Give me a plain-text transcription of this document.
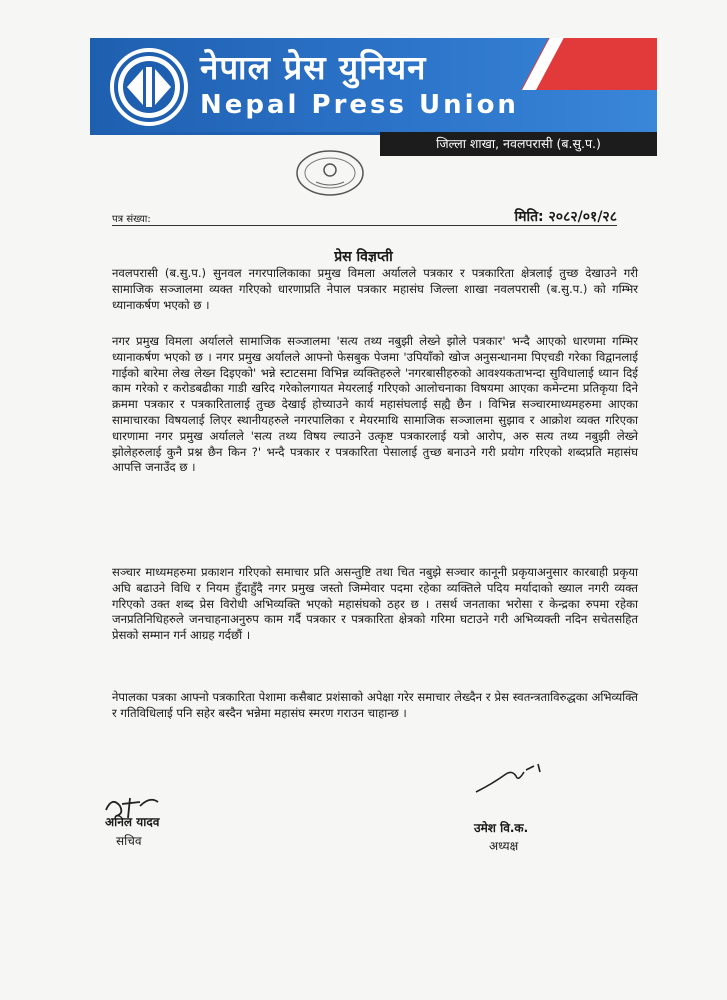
नेपाल प्रेस युनियन
Nepal Press Union
जिल्ला शाखा, नवलपरासी (ब.सु.प.)
पत्र संख्या:	मिति: २०८२/०१/२८
प्रेस विज्ञप्ती
नवलपरासी (ब.सु.प.) सुनवल नगरपालिकाका प्रमुख विमला अर्यालले पत्रकार र पत्रकारिता क्षेत्रलाई तुच्छ देखाउने गरी सामाजिक सञ्जालमा व्यक्त गरिएको धारणाप्रति नेपाल पत्रकार महासंघ जिल्ला शाखा नवलपरासी (ब.सु.प.) को गम्भिर ध्यानाकर्षण भएको छ ।
नगर प्रमुख विमला अर्यालले सामाजिक सञ्जालमा 'सत्य तथ्य नबुझी लेख्ने झोले पत्रकार' भन्दै आएको धारणमा गम्भिर ध्यानाकर्षण भएको छ । नगर प्रमुख अर्यालले आफ्नो फेसबुक पेजमा 'उपियाँको खोज अनुसन्धानमा पिएचडी गरेका विद्वानलाई गाईको बारेमा लेख लेख्न दिइएको' भन्ने स्टाटसमा विभिन्न व्यक्तिहरुले 'नगरबासीहरुको आवश्यकताभन्दा सुविधालाई ध्यान दिई काम गरेको र करोडबढीका गाडी खरिद गरेकोलगायत मेयरलाई गरिएको आलोचनाका विषयमा आएका कमेन्टमा प्रतिकृया दिने क्रममा पत्रकार र पत्रकारितालाई तुच्छ देखाई होच्याउने कार्य महासंघलाई सह्यै छैन । विभिन्न सञ्चारमाध्यमहरुमा आएका सामाचारका विषयलाई लिएर स्थानीयहरुले नगरपालिका र मेयरमाथि सामाजिक सञ्जालमा सुझाव र आक्रोश व्यक्त गरिएका धारणामा नगर प्रमुख अर्यालले 'सत्य तथ्य विषय ल्याउने उत्कृष्ट पत्रकारलाई यत्रो आरोप, अरु सत्य तथ्य नबुझी लेख्ने झोलेहरुलाई कुनै प्रश्न छैन किन ?' भन्दै पत्रकार र पत्रकारिता पेसालाई तुच्छ बनाउने गरी प्रयोग गरिएको शब्दप्रति महासंघ आपत्ति जनाउँद छ ।
सञ्चार माध्यमहरुमा प्रकाशन गरिएको समाचार प्रति असन्तुष्टि तथा चित नबुझे सञ्चार कानूनी प्रकृयाअनुसार कारबाही प्रकृया अघि बढाउने विधि र नियम हुँदाहुँदै नगर प्रमुख जस्तो जिम्मेवार पदमा रहेका व्यक्तिले पदिय मर्यादाको ख्याल नगरी व्यक्त गरिएको उक्त शब्द प्रेस विरोधी अभिव्यक्ति भएको महासंघको ठहर छ । तसर्थ जनताका भरोसा र केन्द्रका रुपमा रहेका जनप्रतिनिधिहरुले जनचाहनाअनुरुप काम गर्दै पत्रकार र पत्रकारिता क्षेत्रको गरिमा घटाउने गरी अभिव्यक्ती नदिन सचेतसहित प्रेसको सम्मान गर्न आग्रह गर्दछौं ।
नेपालका पत्रका आफ्नो पत्रकारिता पेशामा कसैबाट प्रशंसाको अपेक्षा गरेर समाचार लेख्दैन र प्रेस स्वतन्त्रताविरुद्धका अभिव्यक्ति र गतिविधिलाई पनि सहेर बस्दैन भन्नेमा महासंघ स्मरण गराउन चाहान्छ ।
अनिल यादव
सचिव
उमेश वि.क.
अध्यक्ष
